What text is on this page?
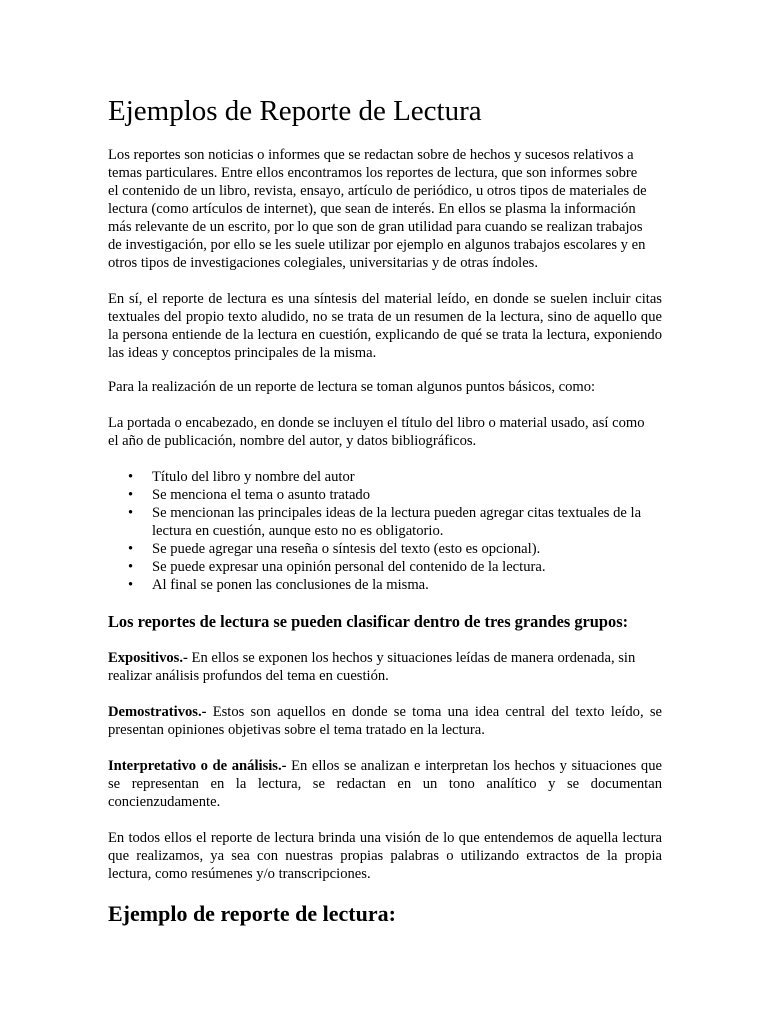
Ejemplos de Reporte de Lectura

Los reportes son noticias o informes que se redactan sobre de hechos y sucesos relativos a
temas particulares. Entre ellos encontramos los reportes de lectura, que son informes sobre
el contenido de un libro, revista, ensayo, artículo de periódico, u otros tipos de materiales de
lectura (como artículos de internet), que sean de interés. En ellos se plasma la información
más relevante de un escrito, por lo que son de gran utilidad para cuando se realizan trabajos
de investigación, por ello se les suele utilizar por ejemplo en algunos trabajos escolares y en
otros tipos de investigaciones colegiales, universitarias y de otras índoles.

En sí, el reporte de lectura es una síntesis del material leído, en donde se suelen incluir citas textuales del propio texto aludido, no se trata de un resumen de la lectura, sino de aquello que la persona entiende de la lectura en cuestión, explicando de qué se trata la lectura, exponiendo las ideas y conceptos principales de la misma.

Para la realización de un reporte de lectura se toman algunos puntos básicos, como:

La portada o encabezado, en donde se incluyen el título del libro o material usado, así como
el año de publicación, nombre del autor, y datos bibliográficos.

• Título del libro y nombre del autor
• Se menciona el tema o asunto tratado
• Se mencionan las principales ideas de la lectura pueden agregar citas textuales de la lectura en cuestión, aunque esto no es obligatorio.
• Se puede agregar una reseña o síntesis del texto (esto es opcional).
• Se puede expresar una opinión personal del contenido de la lectura.
• Al final se ponen las conclusiones de la misma.
Los reportes de lectura se pueden clasificar dentro de tres grandes grupos:

Expositivos.- En ellos se exponen los hechos y situaciones leídas de manera ordenada, sin realizar análisis profundos del tema en cuestión.

Demostrativos.- Estos son aquellos en donde se toma una idea central del texto leído, se presentan opiniones objetivas sobre el tema tratado en la lectura.

Interpretativo o de análisis.- En ellos se analizan e interpretan los hechos y situaciones que se representan en la lectura, se redactan en un tono analítico y se documentan concienzudamente.

En todos ellos el reporte de lectura brinda una visión de lo que entendemos de aquella lectura que realizamos, ya sea con nuestras propias palabras o utilizando extractos de la propia lectura, como resúmenes y/o transcripciones.

Ejemplo de reporte de lectura:
